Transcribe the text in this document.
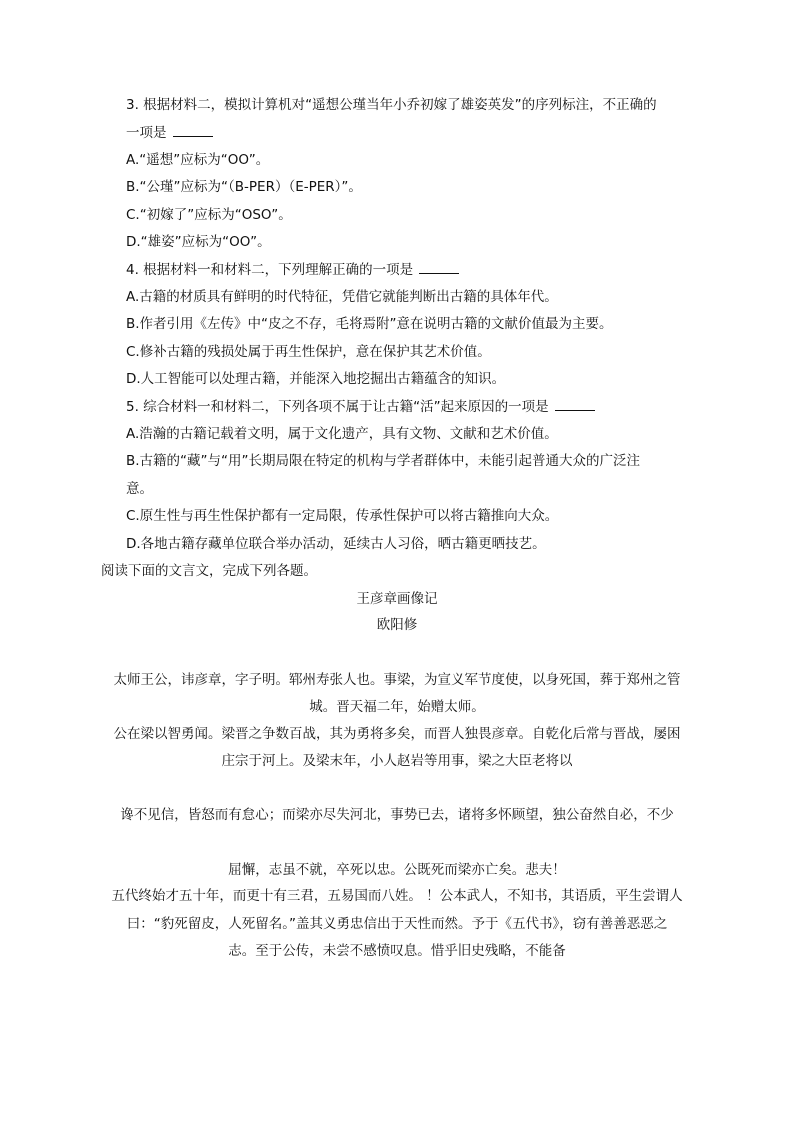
3. 根据材料二，模拟计算机对“遥想公瑾当年小乔初嫁了雄姿英发”的序列标注，不正确的
一项是
A.“遥想”应标为“OO”。
B.“公瑾”应标为“（B-PER）（E-PER）”。
C.“初嫁了”应标为“OSO”。
D.“雄姿”应标为“OO”。
4. 根据材料一和材料二，下列理解正确的一项是
A.古籍的材质具有鲜明的时代特征，凭借它就能判断出古籍的具体年代。
B.作者引用《左传》中“皮之不存，毛将焉附”意在说明古籍的文献价值最为主要。
C.修补古籍的残损处属于再生性保护，意在保护其艺术价值。
D.人工智能可以处理古籍，并能深入地挖掘出古籍蕴含的知识。
5. 综合材料一和材料二，下列各项不属于让古籍“活”起来原因的一项是
A.浩瀚的古籍记载着文明，属于文化遗产，具有文物、文献和艺术价值。
B.古籍的“藏”与“用”长期局限在特定的机构与学者群体中，未能引起普通大众的广泛注
意。
C.原生性与再生性保护都有一定局限，传承性保护可以将古籍推向大众。
D.各地古籍存藏单位联合举办活动，延续古人习俗，晒古籍更晒技艺。
阅读下面的文言文，完成下列各题。
王彦章画像记
欧阳修
太师王公，讳彦章，字子明。郓州寿张人也。事梁，为宣义军节度使，以身死国，葬于郑州之管
城。晋天福二年，始赠太师。
公在梁以智勇闻。梁晋之争数百战，其为勇将多矣，而晋人独畏彦章。自乾化后常与晋战，屡困
庄宗于河上。及梁末年，小人赵岩等用事，梁之大臣老将以
谗不见信，皆怒而有怠心；而梁亦尽失河北，事势已去，诸将多怀顾望，独公奋然自必，不少
屈懈，志虽不就，卒死以忠。公既死而梁亦亡矣。悲夫！
五代终始才五十年，而更十有三君，五易国而八姓。 ！公本武人，不知书，其语质，平生尝谓人
曰：“豹死留皮，人死留名。”盖其义勇忠信出于天性而然。予于《五代书》，窃有善善恶恶之
志。至于公传，未尝不感愤叹息。惜乎旧史残略，不能备
